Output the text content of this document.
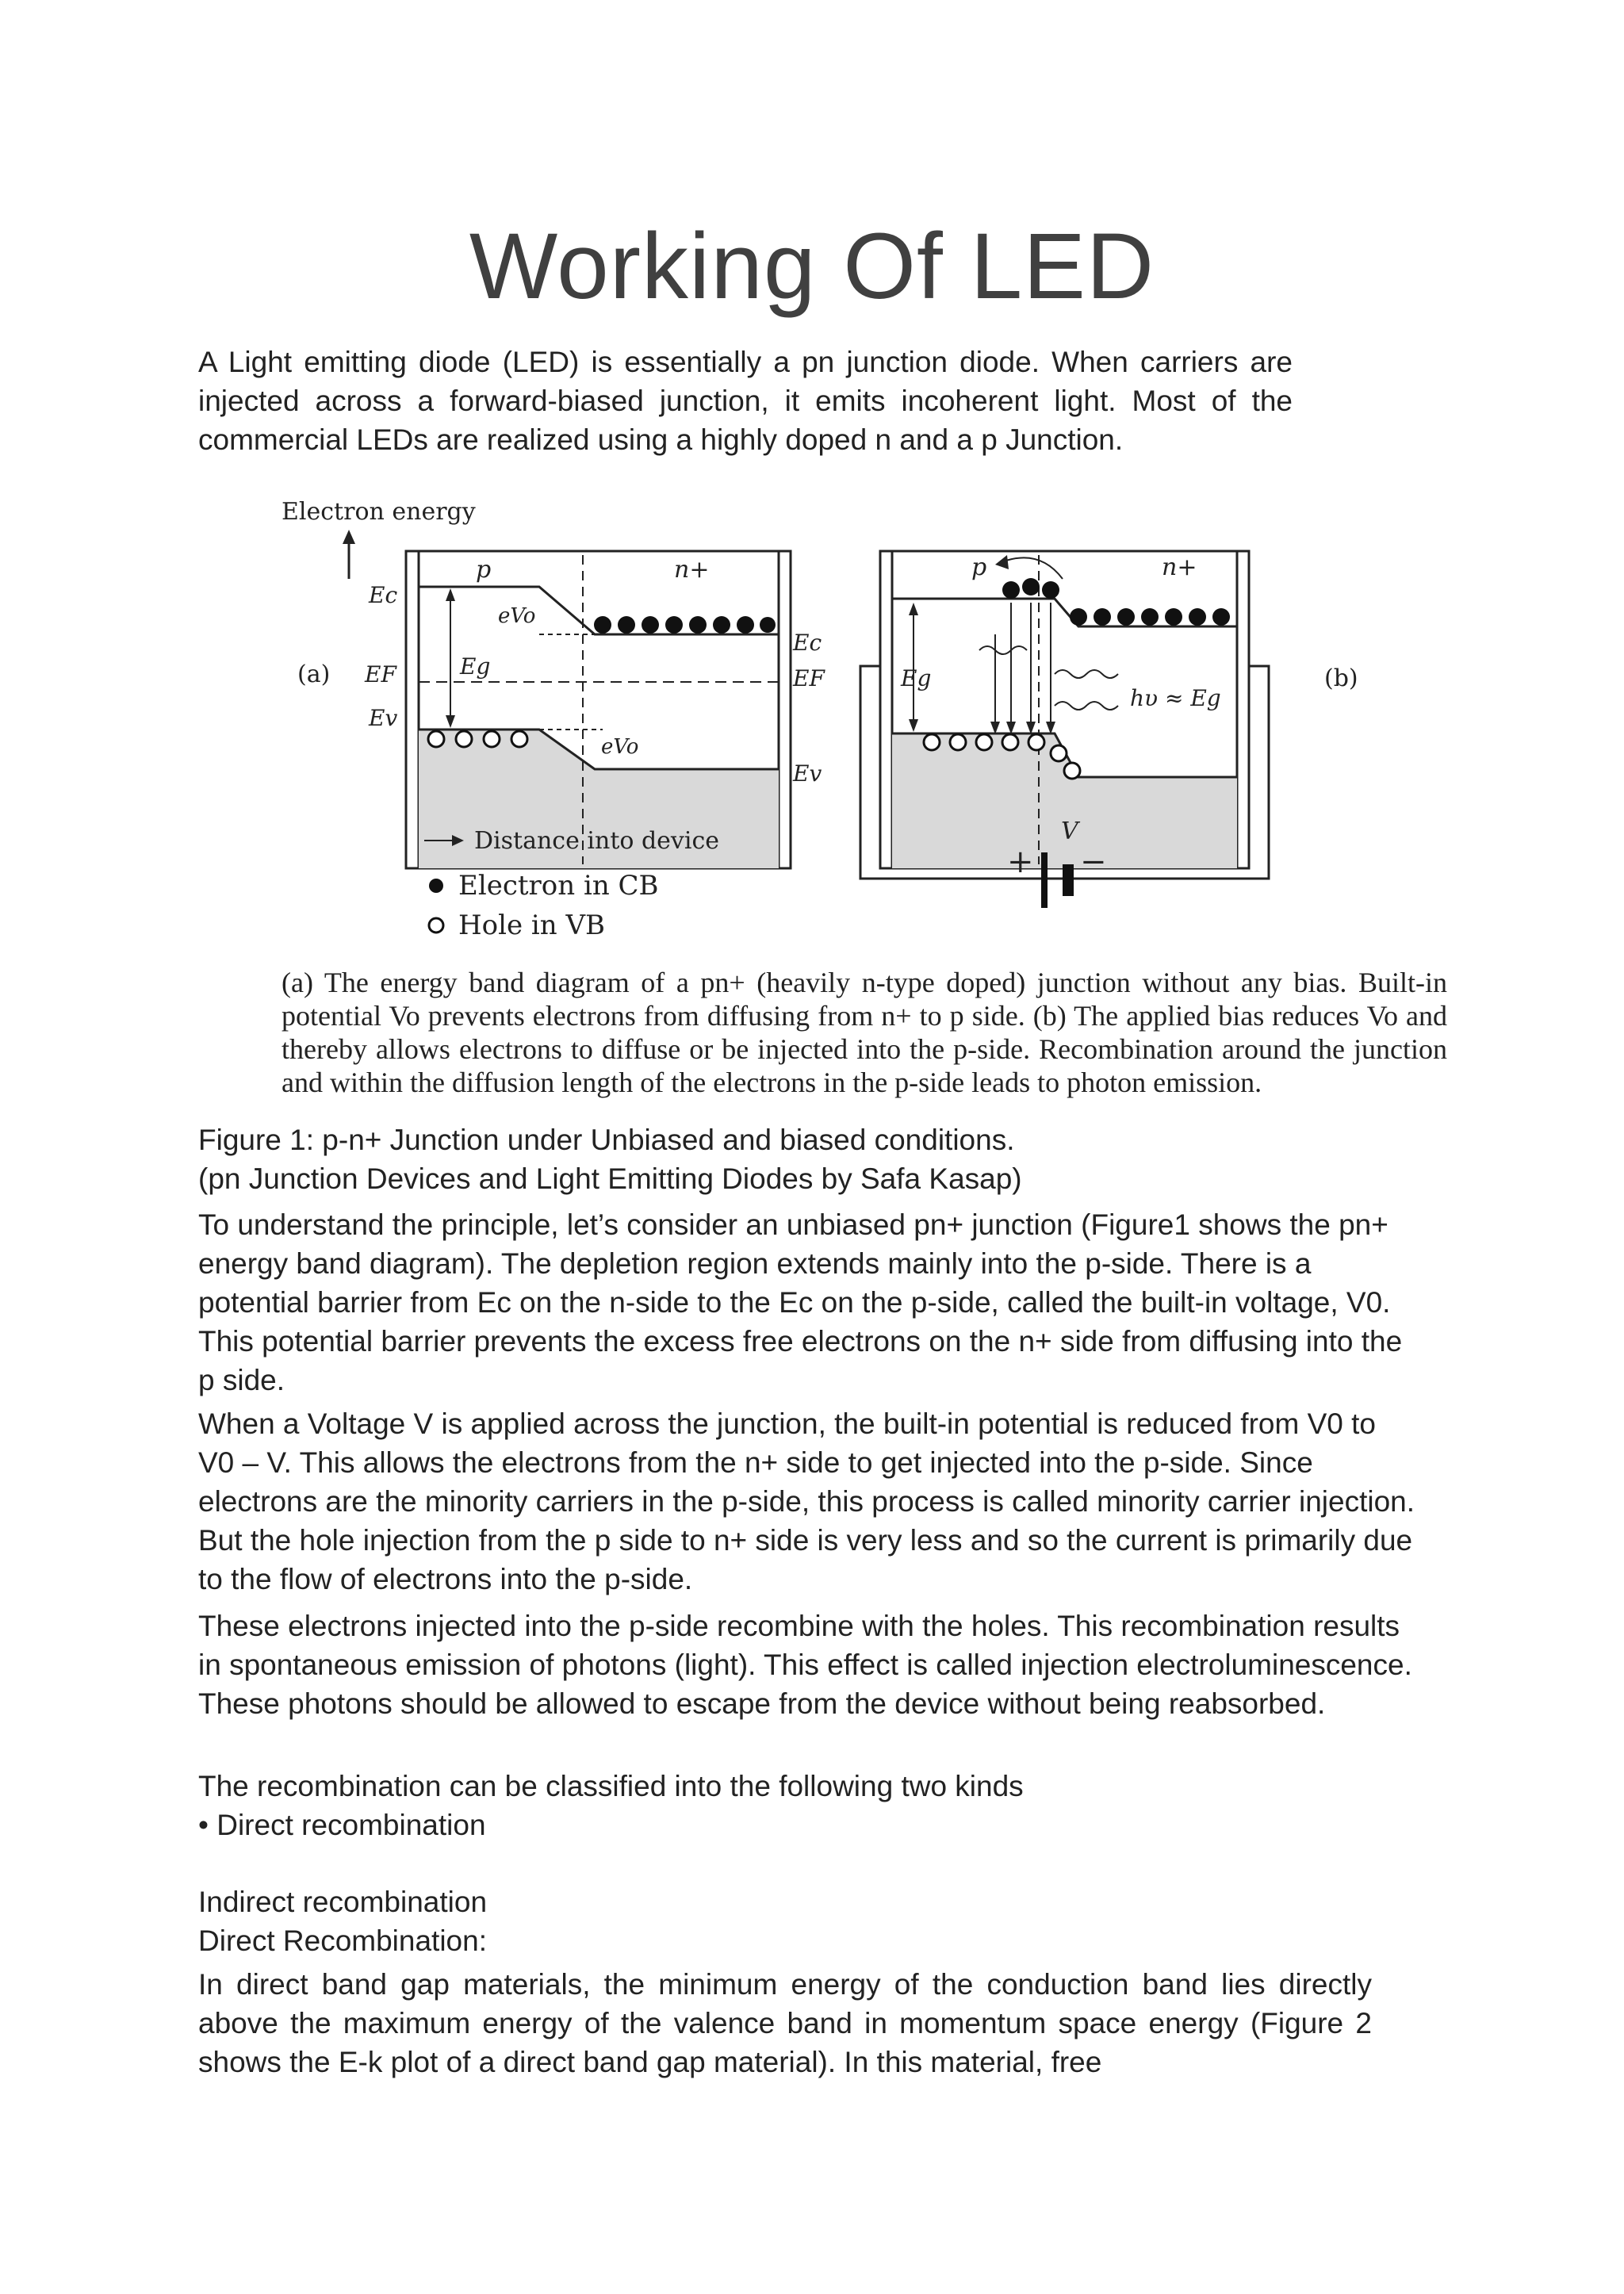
Working Of LED

A Light emitting diode (LED) is essentially a pn junction diode. When carriers are injected across a forward-biased junction, it emits incoherent light. Most of the commercial LEDs are realized using a highly doped n and a p Junction.

Electron energy
(a)
Ec
EF
Ev
p	n+
Eg
eVo
eVo
Ec
EF
Ev
p	n+
Eg
hυ ≈ Eg
(b)
+
V
−
Distance into device
Electron in CB
Hole in VB

(a) The energy band diagram of a pn+ (heavily n-type doped) junction without any bias. Built-in potential Vo prevents electrons from diffusing from n+ to p side. (b) The applied bias reduces Vo and thereby allows electrons to diffuse or be injected into the p-side. Recombination around the junction and within the diffusion length of the electrons in the p-side leads to photon emission.

Figure 1: p-n+ Junction under Unbiased and biased conditions.

(pn Junction Devices and Light Emitting Diodes by Safa Kasap)

To understand the principle, let’s consider an unbiased pn+ junction (Figure1 shows the pn+ energy band diagram). The depletion region extends mainly into the p-side. There is a potential barrier from Ec on the n-side to the Ec on the p-side, called the built-in voltage, V0. This potential barrier prevents the excess free electrons on the n+ side from diffusing into the p side.

When a Voltage V is applied across the junction, the built-in potential is reduced from V0 to V0 – V. This allows the electrons from the n+ side to get injected into the p-side. Since electrons are the minority carriers in the p-side, this process is called minority carrier injection. But the hole injection from the p side to n+ side is very less and so the current is primarily due to the flow of electrons into the p-side.

These electrons injected into the p-side recombine with the holes. This recombination results in spontaneous emission of photons (light). This effect is called injection electroluminescence. These photons should be allowed to escape from the device without being reabsorbed.

The recombination can be classified into the following two kinds

• Direct recombination

Indirect recombination

Direct Recombination:

In direct band gap materials, the minimum energy of the conduction band lies directly above the maximum energy of the valence band in momentum space energy (Figure 2 shows the E-k plot of a direct band gap material). In this material, free
